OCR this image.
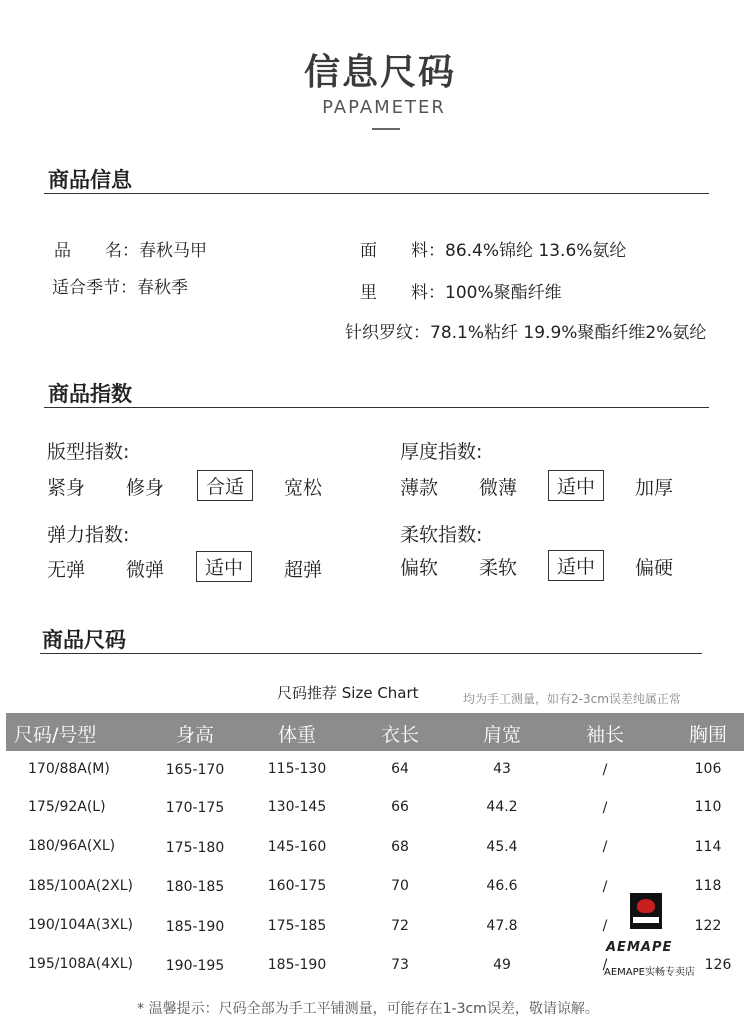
信息尺码
PAPAMETER
商品信息
品　　名：春秋马甲
适合季节：春秋季
面　　料：86.4%锦纶 13.6%氨纶
里　　料：100%聚酯纤维
针织罗纹：78.1%粘纤 19.9%聚酯纤维2%氨纶
商品指数
版型指数:
紧身 修身	合适	宽松
厚度指数:
薄款 微薄	适中	加厚
弹力指数:
无弹 微弹	适中	超弹
柔软指数:
偏软 柔软	适中	偏硬
商品尺码
尺码推荐 Size Chart	均为手工测量，如有2-3cm误差纯属正常
尺码/号型	身高	体重	衣长	肩宽	袖长	胸围
170/88A(M)	165-170	115-130	64	43	/	106
175/92A(L)	170-175	130-145	66	44.2	/	110
180/96A(XL)	175-180	145-160	68	45.4	/	114
185/100A(2XL)	180-185	160-175	70	46.6	/	118
190/104A(3XL)	185-190	175-185	72	47.8	/	122
195/108A(4XL)	190-195	185-190	73	49	/	126
AEMAPE
AEMAPE实畅专卖店
* 温馨提示：尺码全部为手工平铺测量，可能存在1-3cm误差，敬请谅解。
